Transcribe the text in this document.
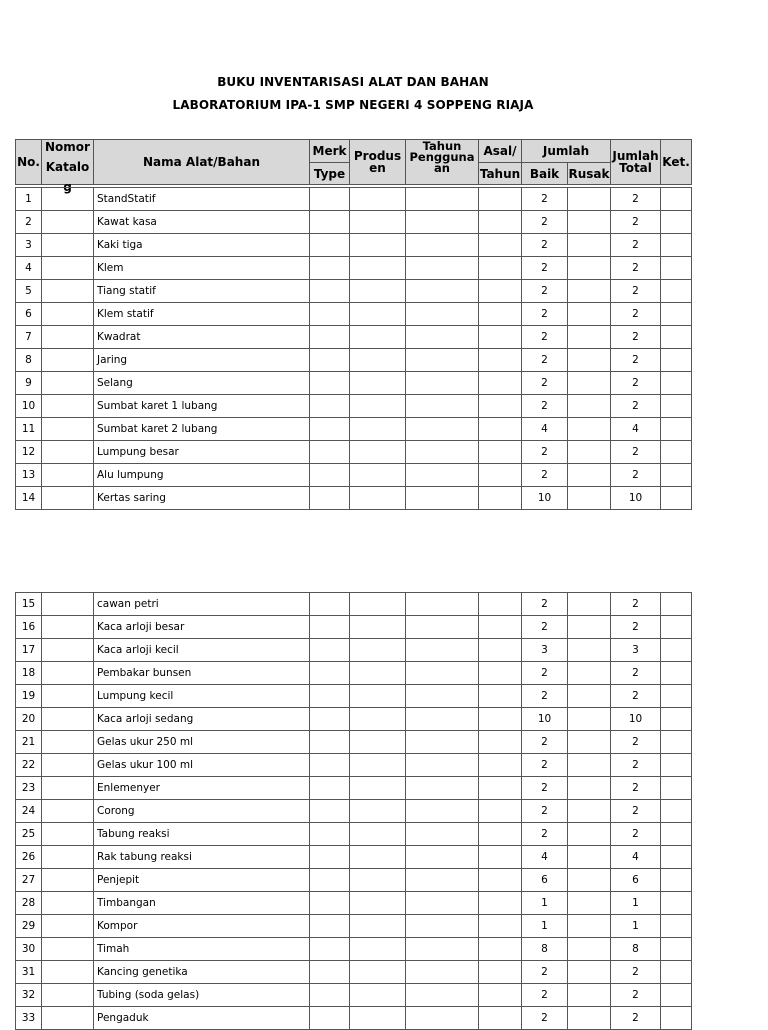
BUKU INVENTARISASI ALAT DAN BAHAN
LABORATORIUM IPA-1 SMP NEGERI 4 SOPPENG RIAJA
No.	Nomor Katalo g	Nama Alat/Bahan	Merk	Produs en	Tahun Pengguna an	Asal/	Jumlah		Jumlah Total	Ket.
			Type			Tahun	Baik	Rusak		
1		StandStatif					2		2	
2		Kawat kasa					2		2	
3		Kaki tiga					2		2	
4		Klem					2		2	
5		Tiang statif					2		2	
6		Klem statif					2		2	
7		Kwadrat					2		2	
8		Jaring					2		2	
9		Selang					2		2	
10		Sumbat karet 1 lubang					2		2	
11		Sumbat karet 2 lubang					4		4	
12		Lumpung besar					2		2	
13		Alu lumpung					2		2	
14		Kertas saring					10		10	
15		cawan petri					2		2	
16		Kaca arloji besar					2		2	
17		Kaca arloji kecil					3		3	
18		Pembakar bunsen					2		2	
19		Lumpung kecil					2		2	
20		Kaca arloji sedang					10		10	
21		Gelas ukur 250 ml					2		2	
22		Gelas ukur 100 ml					2		2	
23		Enlemenyer					2		2	
24		Corong					2		2	
25		Tabung reaksi					2		2	
26		Rak tabung reaksi					4		4	
27		Penjepit					6		6	
28		Timbangan					1		1	
29		Kompor					1		1	
30		Timah					8		8	
31		Kancing genetika					2		2	
32		Tubing (soda gelas)					2		2	
33		Pengaduk					2		2	
